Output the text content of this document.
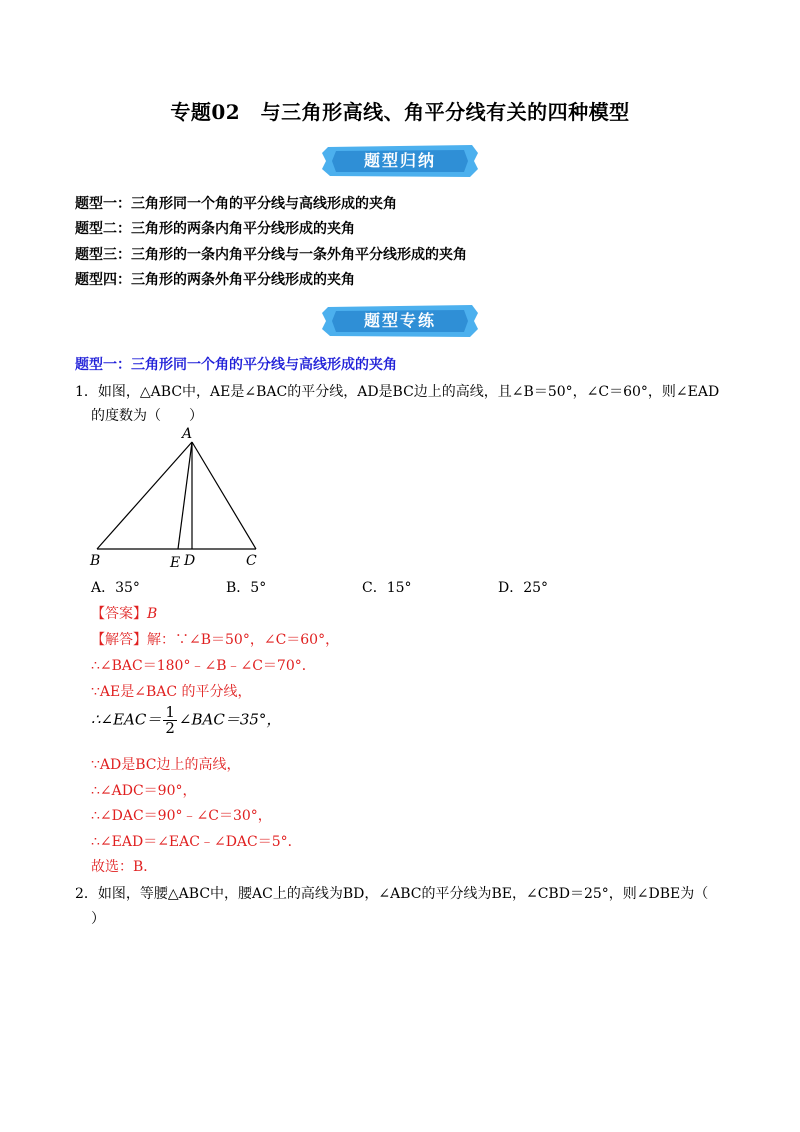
专题02　与三角形高线、角平分线有关的四种模型
题型归纳
题型一：三角形同一个角的平分线与高线形成的夹角
题型二：三角形的两条内角平分线形成的夹角
题型三：三角形的一条内角平分线与一条外角平分线形成的夹角
题型四：三角形的两条外角平分线形成的夹角
题型专练
题型一：三角形同一个角的平分线与高线形成的夹角
1．如图，△ABC中，AE是∠BAC的平分线，AD是BC边上的高线，且∠B＝50°，∠C＝60°，则∠EAD
的度数为（　　）
A
B	E D	C
A．35°	B．5°	C．15°	D．25°
【答案】B
【解答】解：∵∠B＝50°，∠C＝60°，
∴∠BAC＝180°﹣∠B﹣∠C＝70°．
∵AE是∠BAC 的平分线，
∴∠EAC＝ $\frac{1}{2}$ ∠BAC＝35°，
∵AD是BC边上的高线，
∴∠ADC＝90°，
∴∠DAC＝90°﹣∠C＝30°，
∴∠EAD＝∠EAC﹣∠DAC＝5°．
故选：B．
2．如图，等腰△ABC中，腰AC上的高线为BD，∠ABC的平分线为BE，∠CBD＝25°，则∠DBE为（
）
